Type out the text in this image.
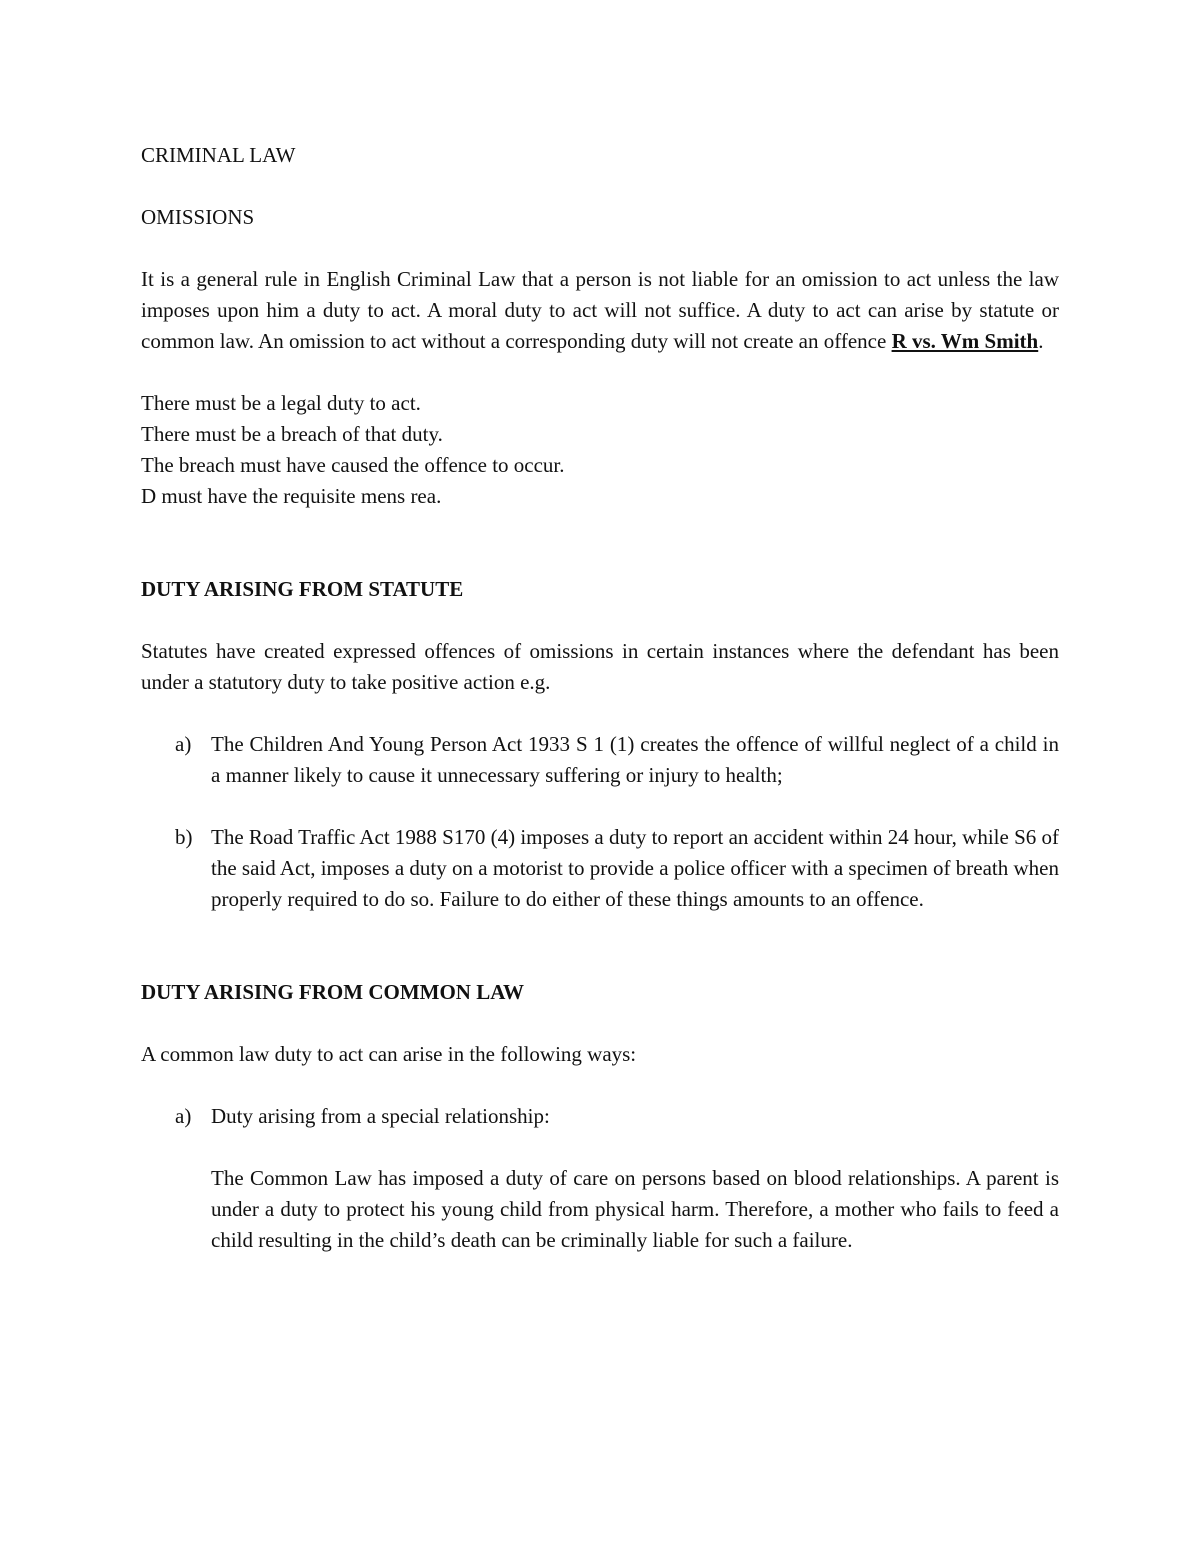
CRIMINAL LAW

OMISSIONS

It is a general rule in English Criminal Law that a person is not liable for an omission to act unless the law imposes upon him a duty to act. A moral duty to act will not suffice. A duty to act can arise by statute or common law. An omission to act without a corresponding duty will not create an offence R vs. Wm Smith.

There must be a legal duty to act.

There must be a breach of that duty.

The breach must have caused the offence to occur.

D must have the requisite mens rea.

DUTY ARISING FROM STATUTE

Statutes have created expressed offences of omissions in certain instances where the defendant has been under a statutory duty to take positive action e.g.

a) The Children And Young Person Act 1933 S 1 (1) creates the offence of willful neglect of a child in a manner likely to cause it unnecessary suffering or injury to health;
b) The Road Traffic Act 1988 S170 (4) imposes a duty to report an accident within 24 hour, while S6 of the said Act, imposes a duty on a motorist to provide a police officer with a specimen of breath when properly required to do so. Failure to do either of these things amounts to an offence.

DUTY ARISING FROM COMMON LAW

A common law duty to act can arise in the following ways:

a) Duty arising from a special relationship:

The Common Law has imposed a duty of care on persons based on blood relationships. A parent is under a duty to protect his young child from physical harm. Therefore, a mother who fails to feed a child resulting in the child’s death can be criminally liable for such a failure.
